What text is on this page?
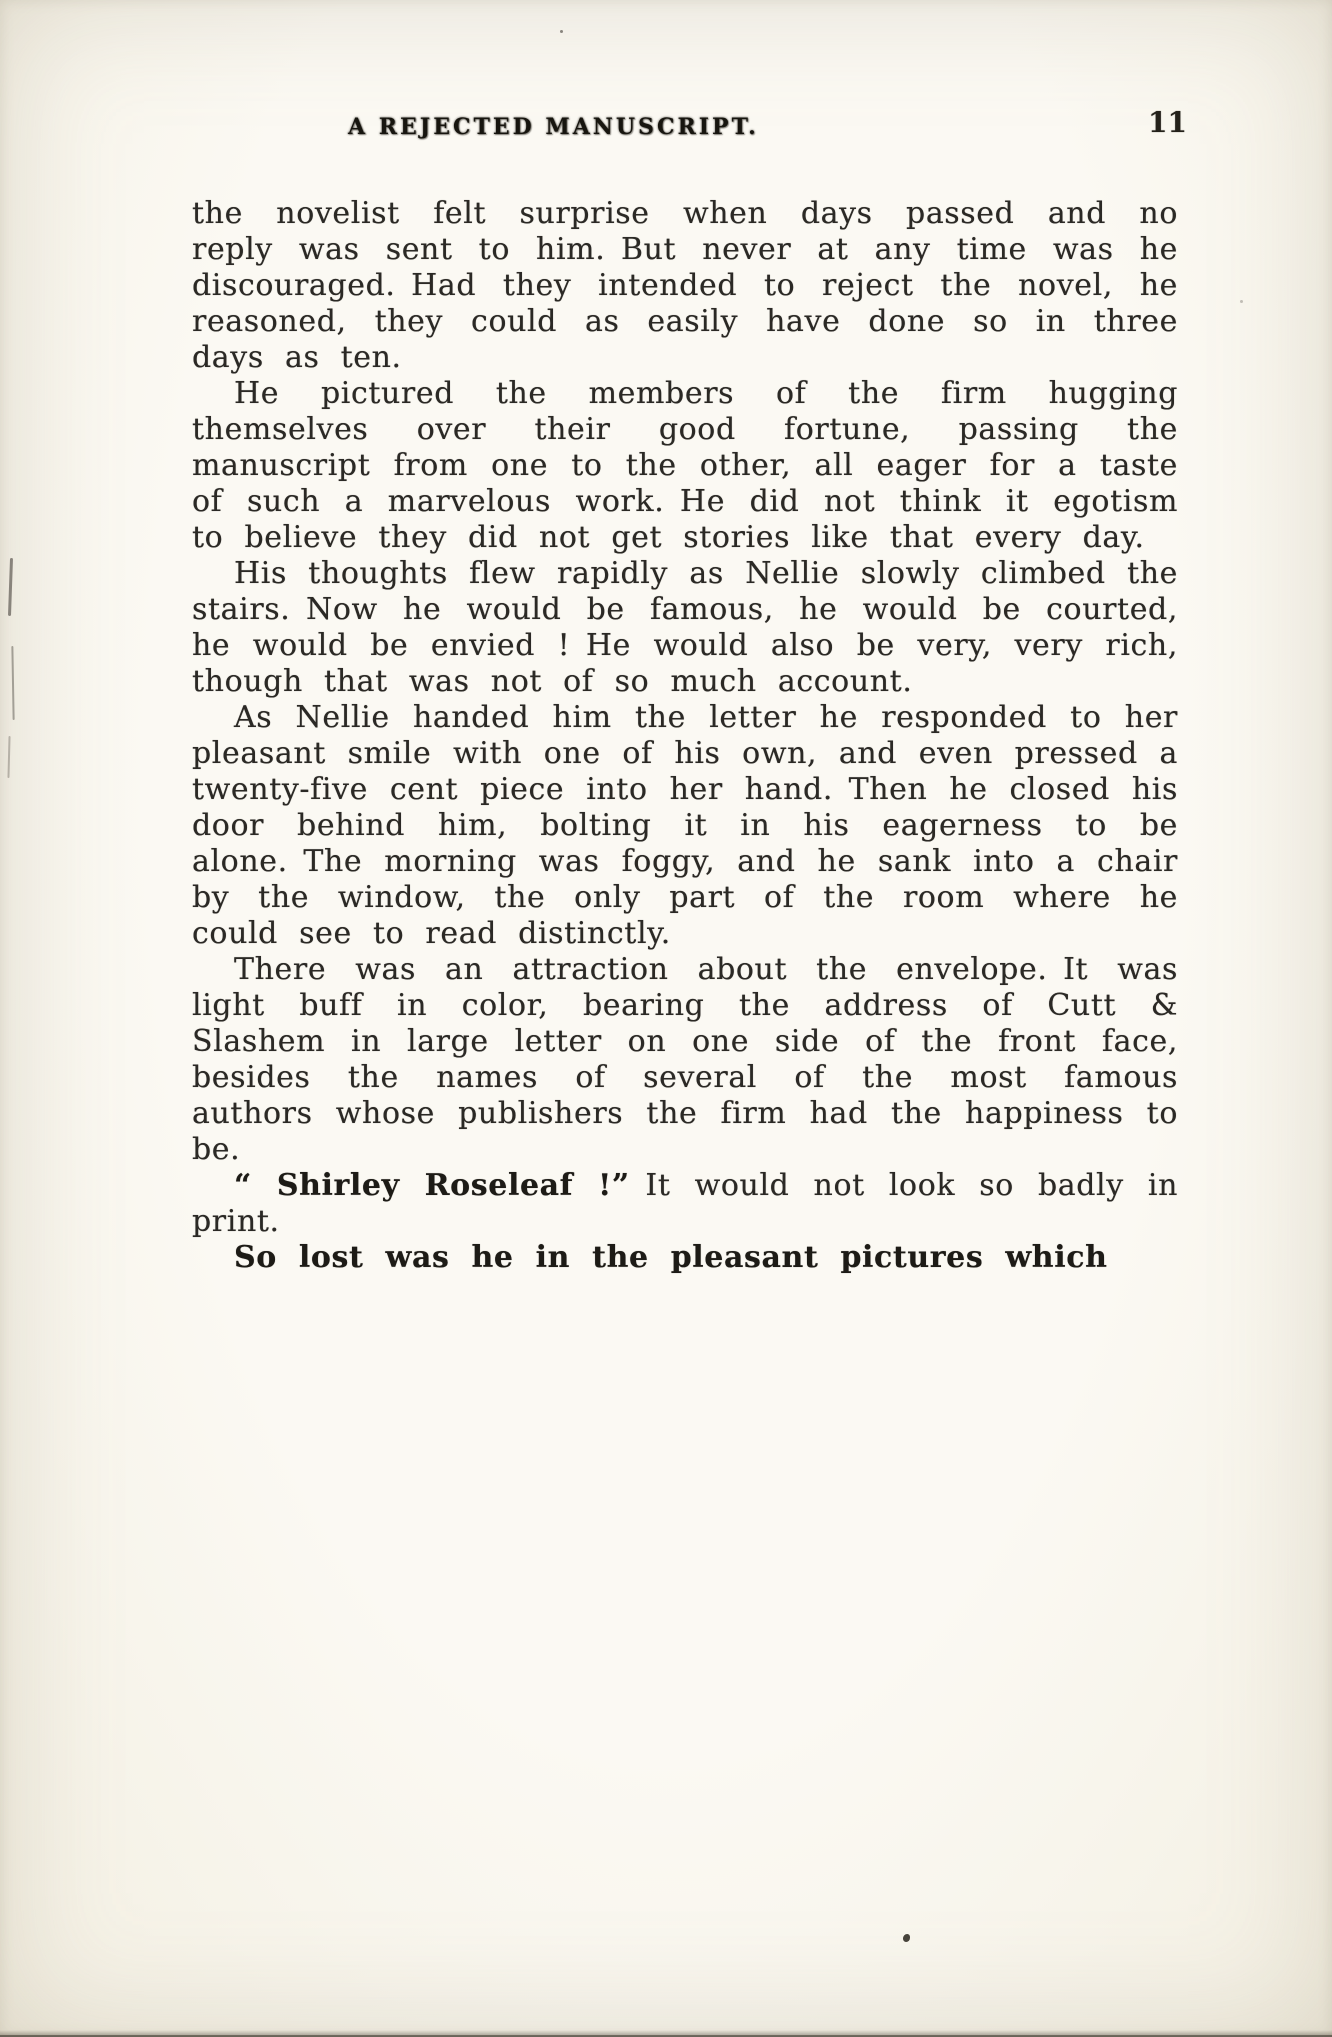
A REJECTED MANUSCRIPT.	11

the novelist felt surprise when days passed and no reply was sent to him. But never at any time was he discouraged. Had they intended to reject the novel, he reasoned, they could as easily have done so in three days as ten.

He pictured the members of the firm hugging themselves over their good fortune, passing the manuscript from one to the other, all eager for a taste of such a marvelous work. He did not think it egotism to believe they did not get stories like that every day.

His thoughts flew rapidly as Nellie slowly climbed the stairs. Now he would be famous, he would be courted, he would be envied ! He would also be very, very rich, though that was not of so much account.

As Nellie handed him the letter he responded to her pleasant smile with one of his own, and even pressed a twenty-five cent piece into her hand. Then he closed his door behind him, bolting it in his eagerness to be alone. The morning was foggy, and he sank into a chair by the window, the only part of the room where he could see to read distinctly.

There was an attraction about the envelope. It was light buff in color, bearing the address of Cutt & Slashem in large letter on one side of the front face, besides the names of several of the most famous authors whose publishers the firm had the happiness to be.

“ Shirley Roseleaf !” It would not look so badly in print.

So lost was he in the pleasant pictures which
